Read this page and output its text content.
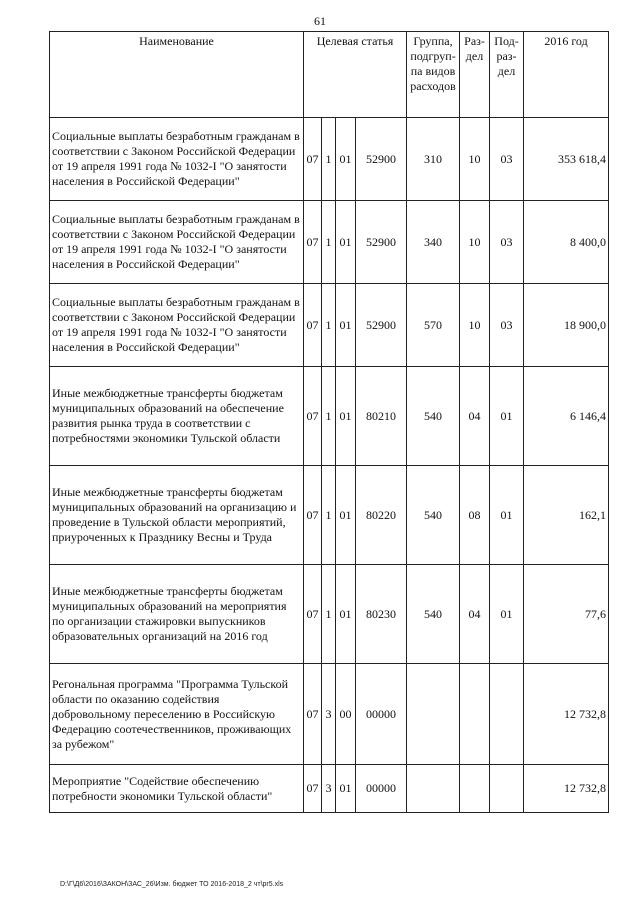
61
Наименование	Целевая статья				Группа, подгруп-па видов расходов	Раз-дел	Под-раз-дел	2016 год
Социальные выплаты безработным гражданам в соответствии с Законом Российской Федерации от 19 апреля 1991 года № 1032-I "О занятости населения в Российской Федерации"	07	1	01	52900	310	10	03	353 618,4
Социальные выплаты безработным гражданам в соответствии с Законом Российской Федерации от 19 апреля 1991 года № 1032-I "О занятости населения в Российской Федерации"	07	1	01	52900	340	10	03	8 400,0
Социальные выплаты безработным гражданам в соответствии с Законом Российской Федерации от 19 апреля 1991 года № 1032-I "О занятости населения в Российской Федерации"	07	1	01	52900	570	10	03	18 900,0
Иные межбюджетные трансферты бюджетам муниципальных образований на обеспечение развития рынка труда в соответствии с потребностями экономики Тульской области	07	1	01	80210	540	04	01	6 146,4
Иные межбюджетные трансферты бюджетам муниципальных образований на организацию и проведение в Тульской области мероприятий, приуроченных к Празднику Весны и Труда	07	1	01	80220	540	08	01	162,1
Иные межбюджетные трансферты бюджетам муниципальных образований на мероприятия по организации стажировки выпускников образовательных организаций на 2016 год	07	1	01	80230	540	04	01	77,6
Регональная программа "Программа Тульской области по оказанию содействия добровольному переселению в Российскую Федерацию соотечественников, проживающих за рубежом"	07	3	00	00000				12 732,8
Мероприятие "Содействие обеспечению потребности экономики Тульской области"	07	3	01	00000				12 732,8
D:\Г\Д6\2016\ЗАКОН\ЗАС_26\Изм. бюджет ТО 2016-2018_2 чт\pr5.xls
